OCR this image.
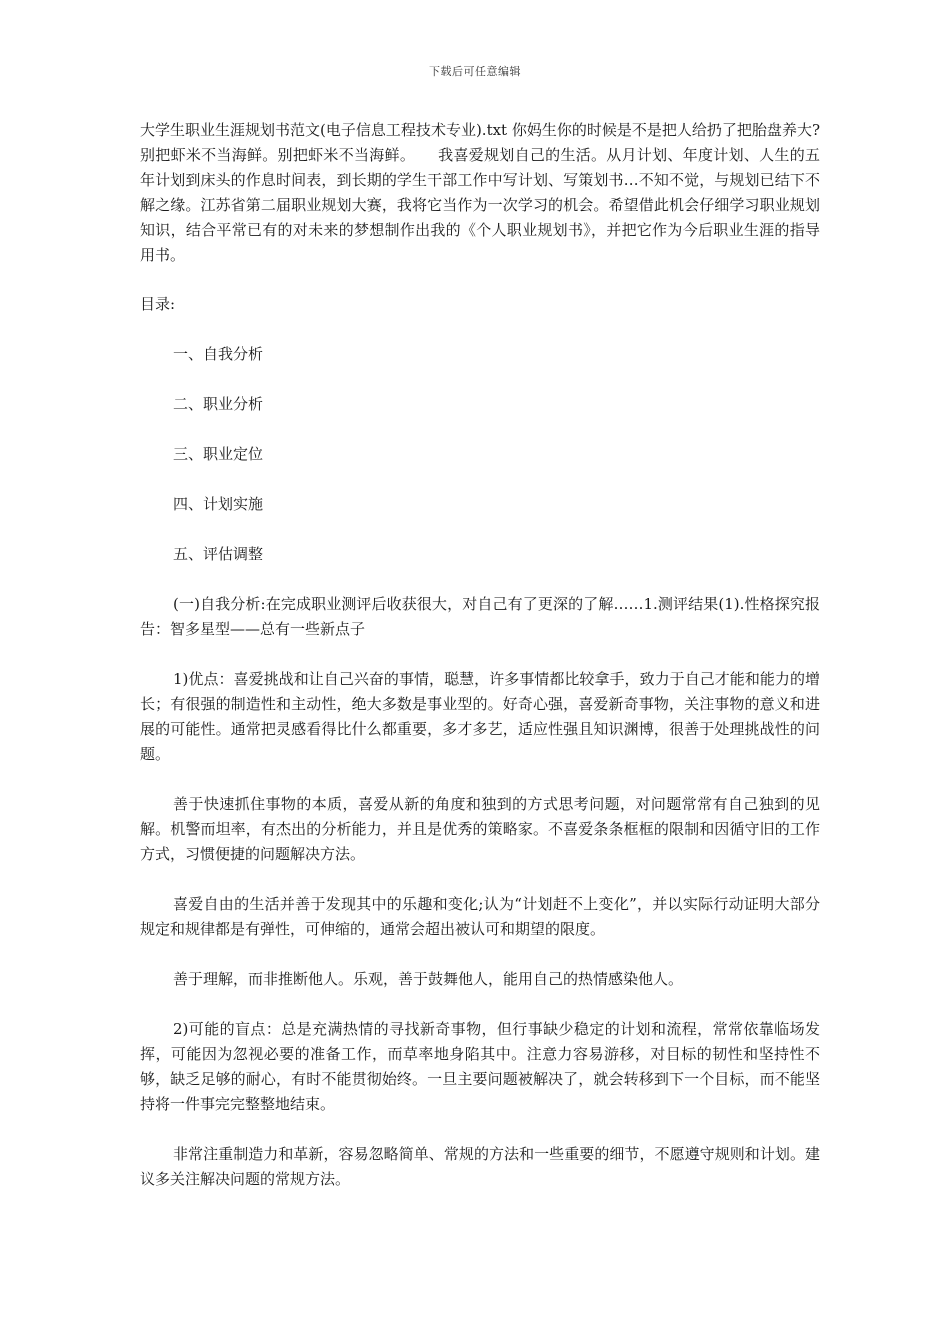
下载后可任意编辑

大学生职业生涯规划书范文(电子信息工程技术专业).txt 你妈生你的时候是不是把人给扔了把胎盘养大?别把虾米不当海鲜。别把虾米不当海鲜。　　我喜爱规划自己的生活。从月计划、年度计划、人生的五年计划到床头的作息时间表，到长期的学生干部工作中写计划、写策划书…不知不觉，与规划已结下不解之缘。江苏省第二届职业规划大赛，我将它当作为一次学习的机会。希望借此机会仔细学习职业规划知识，结合平常已有的对未来的梦想制作出我的《个人职业规划书》，并把它作为今后职业生涯的指导用书。

目录:

一、自我分析

二、职业分析

三、职业定位

四、计划实施

五、评估调整

(一)自我分析:在完成职业测评后收获很大，对自己有了更深的了解……1.测评结果(1).性格探究报告：智多星型——总有一些新点子

1)优点：喜爱挑战和让自己兴奋的事情，聪慧，许多事情都比较拿手，致力于自己才能和能力的增长；有很强的制造性和主动性，绝大多数是事业型的。好奇心强，喜爱新奇事物，关注事物的意义和进展的可能性。通常把灵感看得比什么都重要，多才多艺，适应性强且知识渊博，很善于处理挑战性的问题。

善于快速抓住事物的本质，喜爱从新的角度和独到的方式思考问题，对问题常常有自己独到的见解。机警而坦率，有杰出的分析能力，并且是优秀的策略家。不喜爱条条框框的限制和因循守旧的工作方式，习惯便捷的问题解决方法。

喜爱自由的生活并善于发现其中的乐趣和变化;认为“计划赶不上变化”，并以实际行动证明大部分规定和规律都是有弹性，可伸缩的，通常会超出被认可和期望的限度。

善于理解，而非推断他人。乐观，善于鼓舞他人，能用自己的热情感染他人。

2)可能的盲点：总是充满热情的寻找新奇事物，但行事缺少稳定的计划和流程，常常依靠临场发挥，可能因为忽视必要的准备工作，而草率地身陷其中。注意力容易游移，对目标的韧性和坚持性不够，缺乏足够的耐心，有时不能贯彻始终。一旦主要问题被解决了，就会转移到下一个目标，而不能坚持将一件事完完整整地结束。

非常注重制造力和革新，容易忽略简单、常规的方法和一些重要的细节，不愿遵守规则和计划。建议多关注解决问题的常规方法。
